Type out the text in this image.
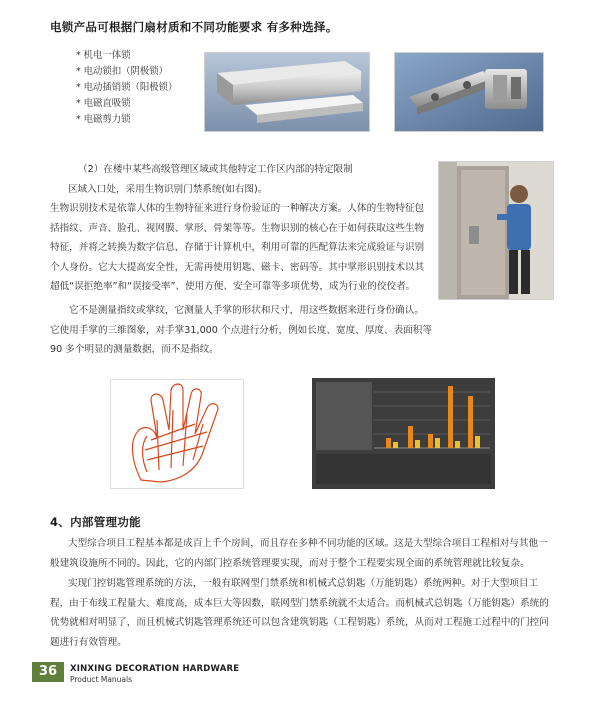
电锁产品可根据门扇材质和不同功能要求 有多种选择。
* 机电一体锁
* 电动锁扣（阴极锁）
* 电动插销锁（阳极锁）
* 电磁直吸锁
* 电磁剪力锁
（2）在楼中某些高级管理区域或其他特定工作区内部的特定限制
区域入口处，采用生物识别门禁系统(如右图)。
生物识别技术是依靠人体的生物特征来进行身份验证的一种解决方案。人体的生物特征包括指纹、声音、脸孔、视网膜、掌形、骨架等等。生物识别的核心在于如何获取这些生物特征，并将之转换为数字信息，存储于计算机中，利用可靠的匹配算法来完成验证与识别个人身份。它大大提高安全性，无需再使用钥匙、磁卡、密码等。其中掌形识别技术以其超低“误拒绝率”和“误接受率”、使用方便、安全可靠等多项优势，成为行业的佼佼者。
它不是测量指纹或掌纹，它测量人手掌的形状和尺寸，用这些数据来进行身份确认。它使用手掌的三维图象，对手掌31,000 个点进行分析，例如长度、宽度、厚度、表面积等90 多个明显的测量数据，而不是指纹。
4、内部管理功能
大型综合项目工程基本都是成百上千个房间，而且存在多种不同功能的区域。这是大型综合项目工程相对与其他一般建筑设施所不同的。因此，它的内部门控系统管理要实现，而对于整个工程要实现全面的系统管理就比较复杂。
实现门控钥匙管理系统的方法，一般有联网型门禁系统和机械式总钥匙（万能钥匙）系统两种。对于大型项目工程，由于布线工程量大、难度高，成本巨大等因数，联网型门禁系统就不太适合。而机械式总钥匙（万能钥匙）系统的优势就相对明显了，而且机械式钥匙管理系统还可以包含建筑钥匙（工程钥匙）系统，从而对工程施工过程中的门控问题进行有效管理。
36	XINXING DECORATION HARDWARE
Product Manuals
